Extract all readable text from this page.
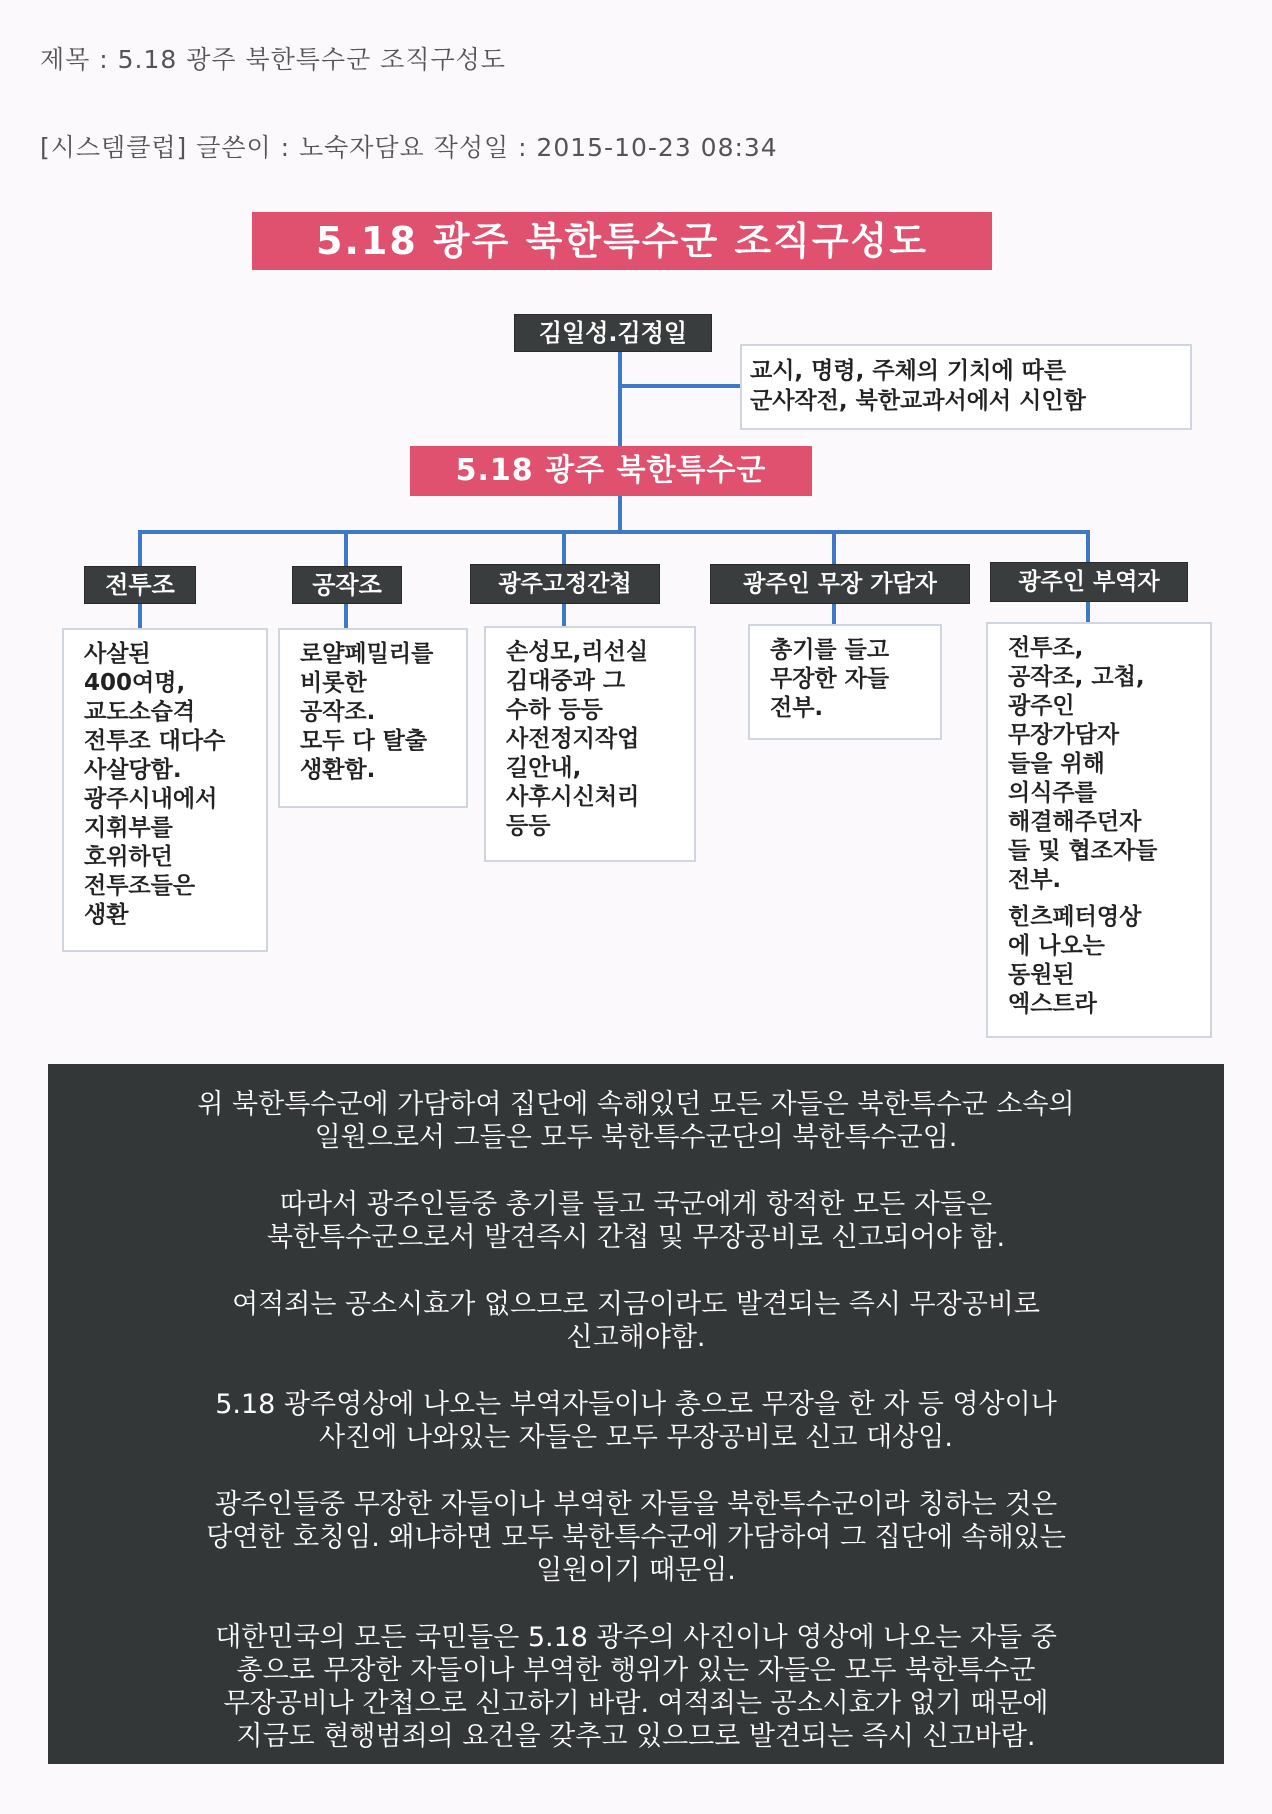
제목 : 5.18 광주 북한특수군 조직구성도
[시스템클럽] 글쓴이 : 노숙자담요 작성일 : 2015-10-23 08:34
5.18 광주 북한특수군 조직구성도
김일성.김정일
교시, 명령, 주체의 기치에 따른
군사작전, 북한교과서에서 시인함
5.18 광주 북한특수군
전투조	공작조	광주고정간첩	광주인 무장 가담자	광주인 부역자
사살된
400여명,
교도소습격
전투조 대다수
사살당함.
광주시내에서
지휘부를
호위하던
전투조들은
생환
로얄페밀리를
비롯한
공작조.
모두 다 탈출
생환함.
손성모,리선실
김대중과 그
수하 등등
사전정지작업
길안내,
사후시신처리
등등
총기를 들고
무장한 자들
전부.
전투조,
공작조, 고첩,
광주인
무장가담자
들을 위해
의식주를
해결해주던자
들 및 협조자들
전부.
힌츠페터영상
에 나오는
동원된
엑스트라
위 북한특수군에 가담하여 집단에 속해있던 모든 자들은 북한특수군 소속의
일원으로서 그들은 모두 북한특수군단의 북한특수군임.
따라서 광주인들중 총기를 들고 국군에게 항적한 모든 자들은
북한특수군으로서 발견즉시 간첩 및 무장공비로 신고되어야 함.
여적죄는 공소시효가 없으므로 지금이라도 발견되는 즉시 무장공비로
신고해야함.
5.18 광주영상에 나오는 부역자들이나 총으로 무장을 한 자 등 영상이나
사진에 나와있는 자들은 모두 무장공비로 신고 대상임.
광주인들중 무장한 자들이나 부역한 자들을 북한특수군이라 칭하는 것은
당연한 호칭임. 왜냐하면 모두 북한특수군에 가담하여 그 집단에 속해있는
일원이기 때문임.
대한민국의 모든 국민들은 5.18 광주의 사진이나 영상에 나오는 자들 중
총으로 무장한 자들이나 부역한 행위가 있는 자들은 모두 북한특수군
무장공비나 간첩으로 신고하기 바람. 여적죄는 공소시효가 없기 때문에
지금도 현행범죄의 요건을 갖추고 있으므로 발견되는 즉시 신고바람.
